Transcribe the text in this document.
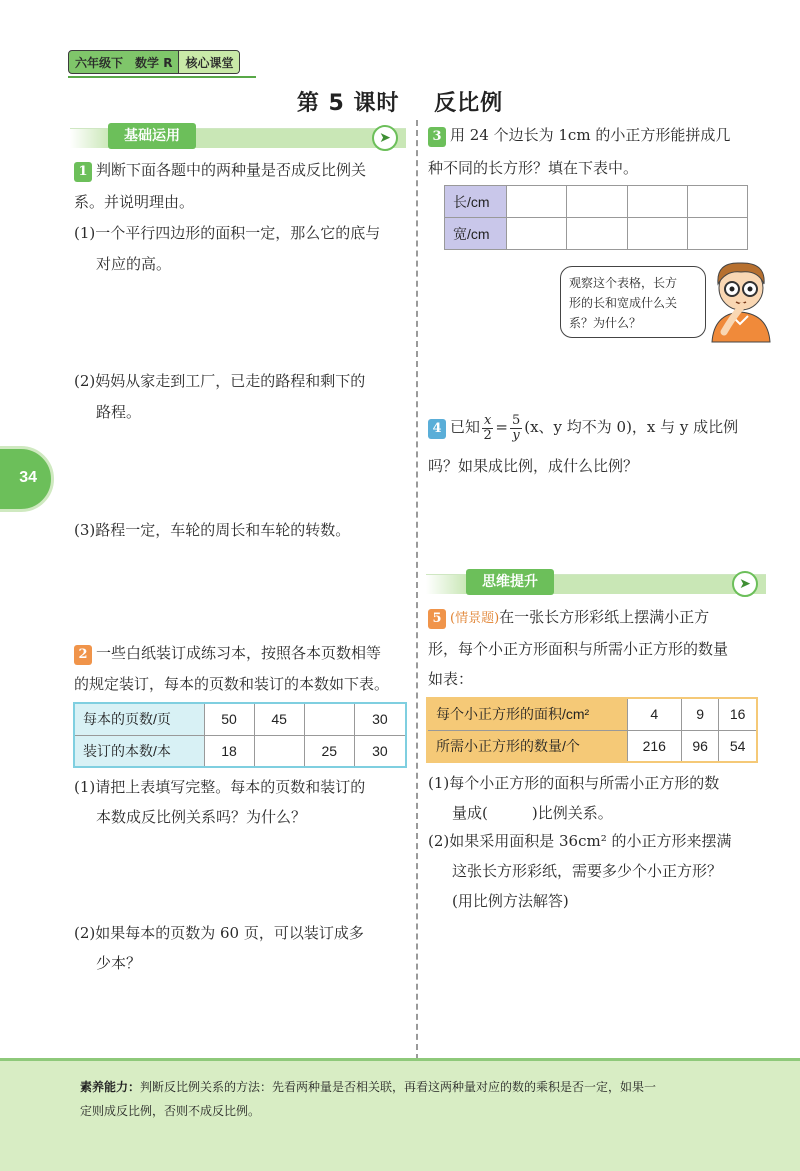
六年级下	数学 R	核心课堂
第 5 课时    反比例
34
基础运用	➤
1 判断下面各题中的两种量是否成反比例关
系。并说明理由。
(1)一个平行四边形的面积一定，那么它的底与
对应的高。
(2)妈妈从家走到工厂，已走的路程和剩下的
路程。
(3)路程一定，车轮的周长和车轮的转数。
2 一些白纸装订成练习本，按照各本页数相等
的规定装订，每本的页数和装订的本数如下表。
每本的页数/页	50	45		30
装订的本数/本	18		25	30
(1)请把上表填写完整。每本的页数和装订的
本数成反比例关系吗？为什么？
(2)如果每本的页数为 60 页，可以装订成多
少本？
3 用 24 个边长为 1cm 的小正方形能拼成几
种不同的长方形？填在下表中。
长/cm				
宽/cm				
观察这个表格，长方
形的长和宽成什么关
系？为什么？
4 已知 $\frac{x}{2} = \frac{5}{y} (x$、y 均不为 0)，x 与 y 成比例
吗？如果成比例，成什么比例？
思维提升	➤
5 (情景题)在一张长方形彩纸上摆满小正方
形，每个小正方形面积与所需小正方形的数量
如表：
每个小正方形的面积/cm²	4	9	16
所需小正方形的数量/个	216	96	54
(1)每个小正方形的面积与所需小正方形的数
量成(	)比例关系。
(2)如果采用面积是 36cm² 的小正方形来摆满
这张长方形彩纸，需要多少个小正方形？
(用比例方法解答)
素养能力：判断反比例关系的方法：先看两种量是否相关联，再看这两种量对应的数的乘积是否一定，如果一
定则成反比例，否则不成反比例。
